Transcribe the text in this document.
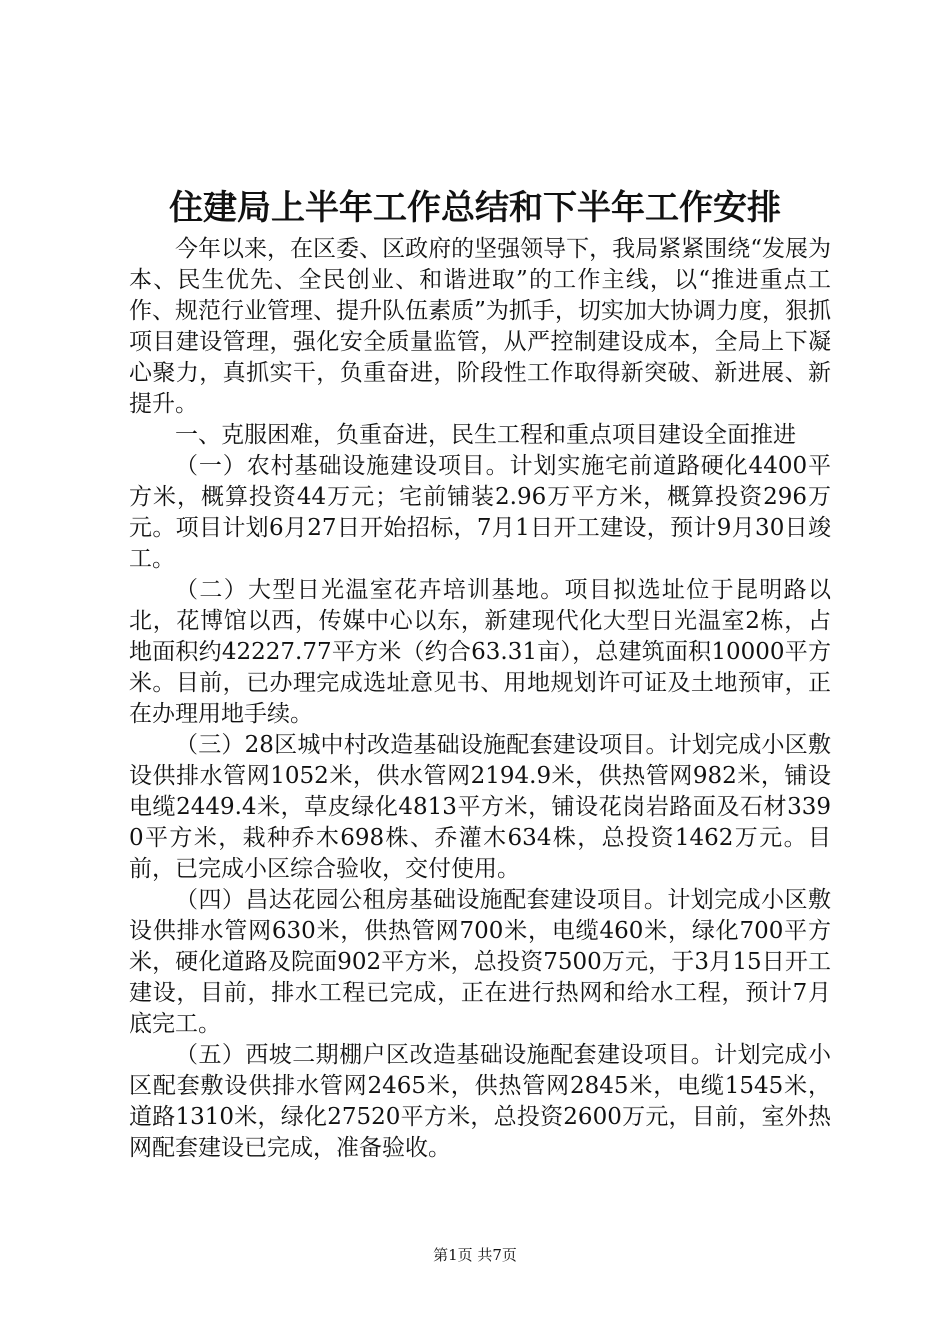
住建局上半年工作总结和下半年工作安排

今年以来，在区委、区政府的坚强领导下，我局紧紧围绕“发展为本、民生优先、全民创业、和谐进取”的工作主线，以“推进重点工作、规范行业管理、提升队伍素质”为抓手，切实加大协调力度，狠抓项目建设管理，强化安全质量监管，从严控制建设成本，全局上下凝心聚力，真抓实干，负重奋进，阶段性工作取得新突破、新进展、新提升。

一、克服困难，负重奋进，民生工程和重点项目建设全面推进

（一）农村基础设施建设项目。计划实施宅前道路硬化4400平方米，概算投资44万元；宅前铺装2.96万平方米，概算投资296万元。项目计划6月27日开始招标，7月1日开工建设，预计9月30日竣工。

（二）大型日光温室花卉培训基地。项目拟选址位于昆明路以北，花博馆以西，传媒中心以东，新建现代化大型日光温室2栋，占地面积约42227.77平方米（约合63.31亩），总建筑面积10000平方米。目前，已办理完成选址意见书、用地规划许可证及土地预审，正在办理用地手续。

（三）28区城中村改造基础设施配套建设项目。计划完成小区敷设供排水管网1052米，供水管网2194.9米，供热管网982米，铺设电缆2449.4米，草皮绿化4813平方米，铺设花岗岩路面及石材3390平方米，栽种乔木698株、乔灌木634株，总投资1462万元。目前，已完成小区综合验收，交付使用。

（四）昌达花园公租房基础设施配套建设项目。计划完成小区敷设供排水管网630米，供热管网700米，电缆460米，绿化700平方米，硬化道路及院面902平方米，总投资7500万元，于3月15日开工建设，目前，排水工程已完成，正在进行热网和给水工程，预计7月底完工。

（五）西坡二期棚户区改造基础设施配套建设项目。计划完成小区配套敷设供排水管网2465米，供热管网2845米，电缆1545米，道路1310米，绿化27520平方米，总投资2600万元，目前，室外热网配套建设已完成，准备验收。

第1页 共7页
